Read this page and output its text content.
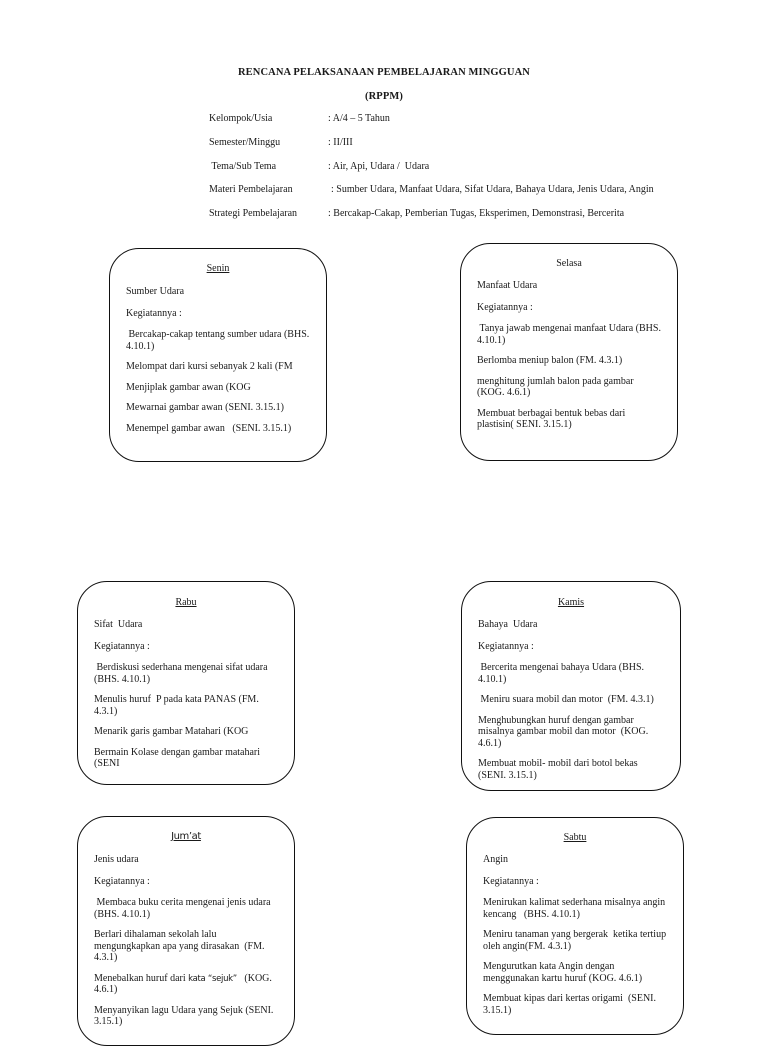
RENCANA PELAKSANAAN PEMBELAJARAN MINGGUAN
(RPPM)
Kelompok/Usia	: A/4 – 5 Tahun
Semester/Minggu	: II/III
Tema/Sub Tema	: Air, Api, Udara /  Udara
Materi Pembelajaran	: Sumber Udara, Manfaat Udara, Sifat Udara, Bahaya Udara, Jenis Udara, Angin
Strategi Pembelajaran	: Bercakap-Cakap, Pemberian Tugas, Eksperimen, Demonstrasi, Bercerita
Senin

Sumber Udara

Kegiatannya :

Bercakap-cakap tentang sumber udara (BHS. 4.10.1)

Melompat dari kursi sebanyak 2 kali (FM

Menjiplak gambar awan (KOG

Mewarnai gambar awan (SENI. 3.15.1)

Menempel gambar awan   (SENI. 3.15.1)

Selasa

Manfaat Udara

Kegiatannya :

Tanya jawab mengenai manfaat Udara (BHS. 4.10.1)

Berlomba meniup balon (FM. 4.3.1)

menghitung jumlah balon pada gambar (KOG. 4.6.1)

Membuat berbagai bentuk bebas dari plastisin( SENI. 3.15.1)

Rabu

Sifat  Udara

Kegiatannya :

Berdiskusi sederhana mengenai sifat udara (BHS. 4.10.1)

Menulis huruf  P pada kata PANAS (FM. 4.3.1)

Menarik garis gambar Matahari (KOG

Bermain Kolase dengan gambar matahari (SENI

Kamis

Bahaya  Udara

Kegiatannya :

Bercerita mengenai bahaya Udara (BHS. 4.10.1)

Meniru suara mobil dan motor  (FM. 4.3.1)

Menghubungkan huruf dengan gambar misalnya gambar mobil dan motor  (KOG. 4.6.1)

Membuat mobil- mobil dari botol bekas (SENI. 3.15.1)

Jum’at

Jenis udara

Kegiatannya :

Membaca buku cerita mengenai jenis udara (BHS. 4.10.1)

Berlari dihalaman sekolah lalu mengungkapkan apa yang dirasakan  (FM. 4.3.1)

Menebalkan huruf dari kata “sejuk”   (KOG. 4.6.1)

Menyanyikan lagu Udara yang Sejuk (SENI. 3.15.1)

Sabtu

Angin

Kegiatannya :

Menirukan kalimat sederhana misalnya angin kencang   (BHS. 4.10.1)

Meniru tanaman yang bergerak  ketika tertiup oleh angin(FM. 4.3.1)

Mengurutkan kata Angin dengan menggunakan kartu huruf (KOG. 4.6.1)

Membuat kipas dari kertas origami  (SENI. 3.15.1)
